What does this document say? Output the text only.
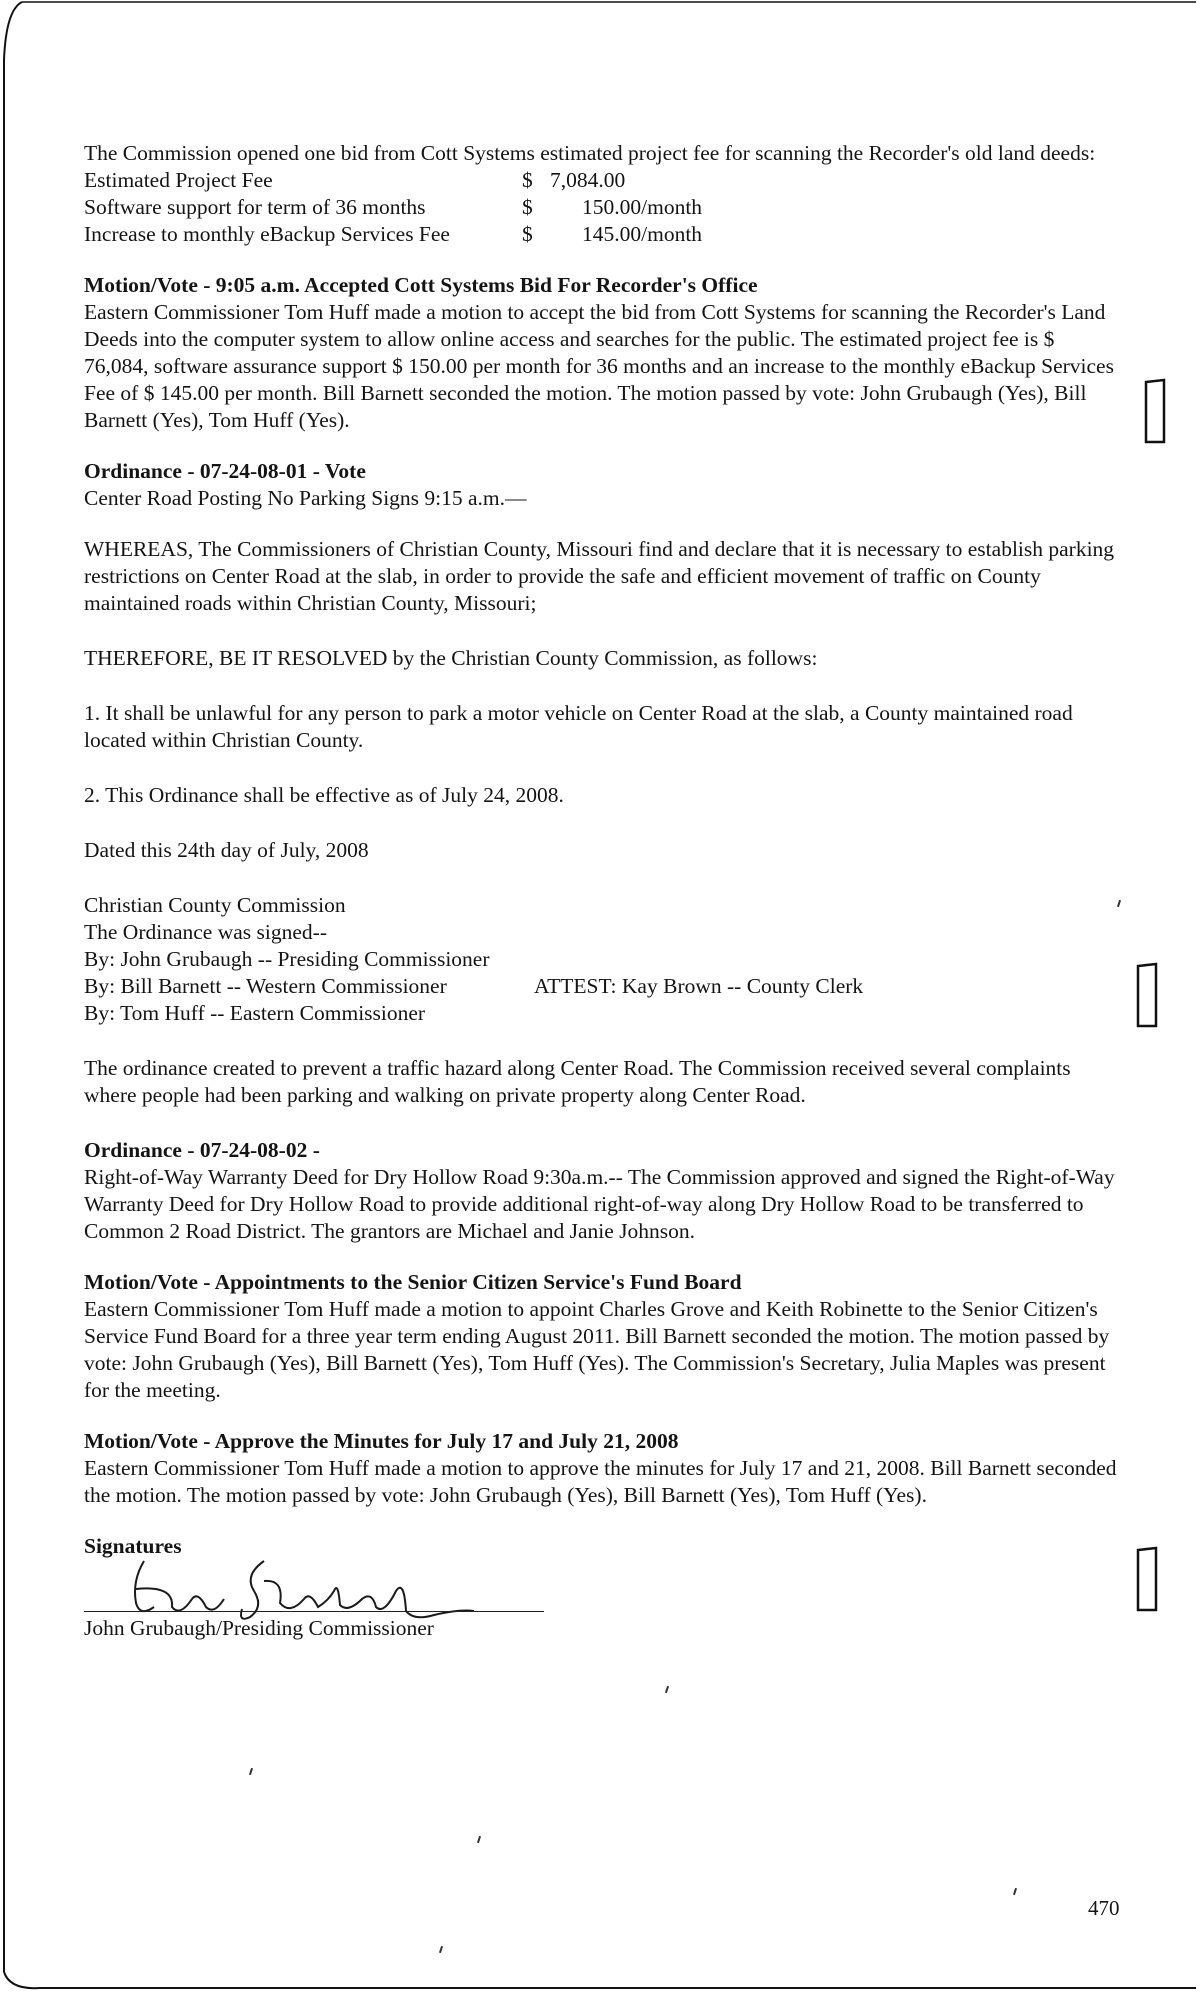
The Commission opened one bid from Cott Systems estimated project fee for scanning the Recorder's old land deeds:

Estimated Project Fee	$ 7,084.00
Software support for term of 36 months	$	150.00/month
Increase to monthly eBackup Services Fee	$	145.00/month

Motion/Vote - 9:05 a.m. Accepted Cott Systems Bid For Recorder's Office

Eastern Commissioner Tom Huff made a motion to accept the bid from Cott Systems for scanning the Recorder's Land Deeds into the computer system to allow online access and searches for the public. The estimated project fee is $ 76,084, software assurance support $ 150.00 per month for 36 months and an increase to the monthly eBackup Services Fee of $ 145.00 per month. Bill Barnett seconded the motion. The motion passed by vote: John Grubaugh (Yes), Bill Barnett (Yes), Tom Huff (Yes).

Ordinance - 07-24-08-01 - Vote

Center Road Posting No Parking Signs 9:15 a.m.—

WHEREAS, The Commissioners of Christian County, Missouri find and declare that it is necessary to establish parking restrictions on Center Road at the slab, in order to provide the safe and efficient movement of traffic on County maintained roads within Christian County, Missouri;

THEREFORE, BE IT RESOLVED by the Christian County Commission, as follows:

1. It shall be unlawful for any person to park a motor vehicle on Center Road at the slab, a County maintained road located within Christian County.

2. This Ordinance shall be effective as of July 24, 2008.

Dated this 24th day of July, 2008

Christian County Commission

The Ordinance was signed--

By: John Grubaugh -- Presiding Commissioner

By: Bill Barnett -- Western Commissioner	ATTEST: Kay Brown -- County Clerk

By: Tom Huff -- Eastern Commissioner

The ordinance created to prevent a traffic hazard along Center Road. The Commission received several complaints where people had been parking and walking on private property along Center Road.

Ordinance - 07-24-08-02 -

Right-of-Way Warranty Deed for Dry Hollow Road 9:30a.m.-- The Commission approved and signed the Right-of-Way Warranty Deed for Dry Hollow Road to provide additional right-of-way along Dry Hollow Road to be transferred to Common 2 Road District. The grantors are Michael and Janie Johnson.

Motion/Vote - Appointments to the Senior Citizen Service's Fund Board

Eastern Commissioner Tom Huff made a motion to appoint Charles Grove and Keith Robinette to the Senior Citizen's Service Fund Board for a three year term ending August 2011. Bill Barnett seconded the motion. The motion passed by vote: John Grubaugh (Yes), Bill Barnett (Yes), Tom Huff (Yes). The Commission's Secretary, Julia Maples was present for the meeting.

Motion/Vote - Approve the Minutes for July 17 and July 21, 2008

Eastern Commissioner Tom Huff made a motion to approve the minutes for July 17 and 21, 2008. Bill Barnett seconded the motion. The motion passed by vote: John Grubaugh (Yes), Bill Barnett (Yes), Tom Huff (Yes).

Signatures

John Grubaugh/Presiding Commissioner
470
